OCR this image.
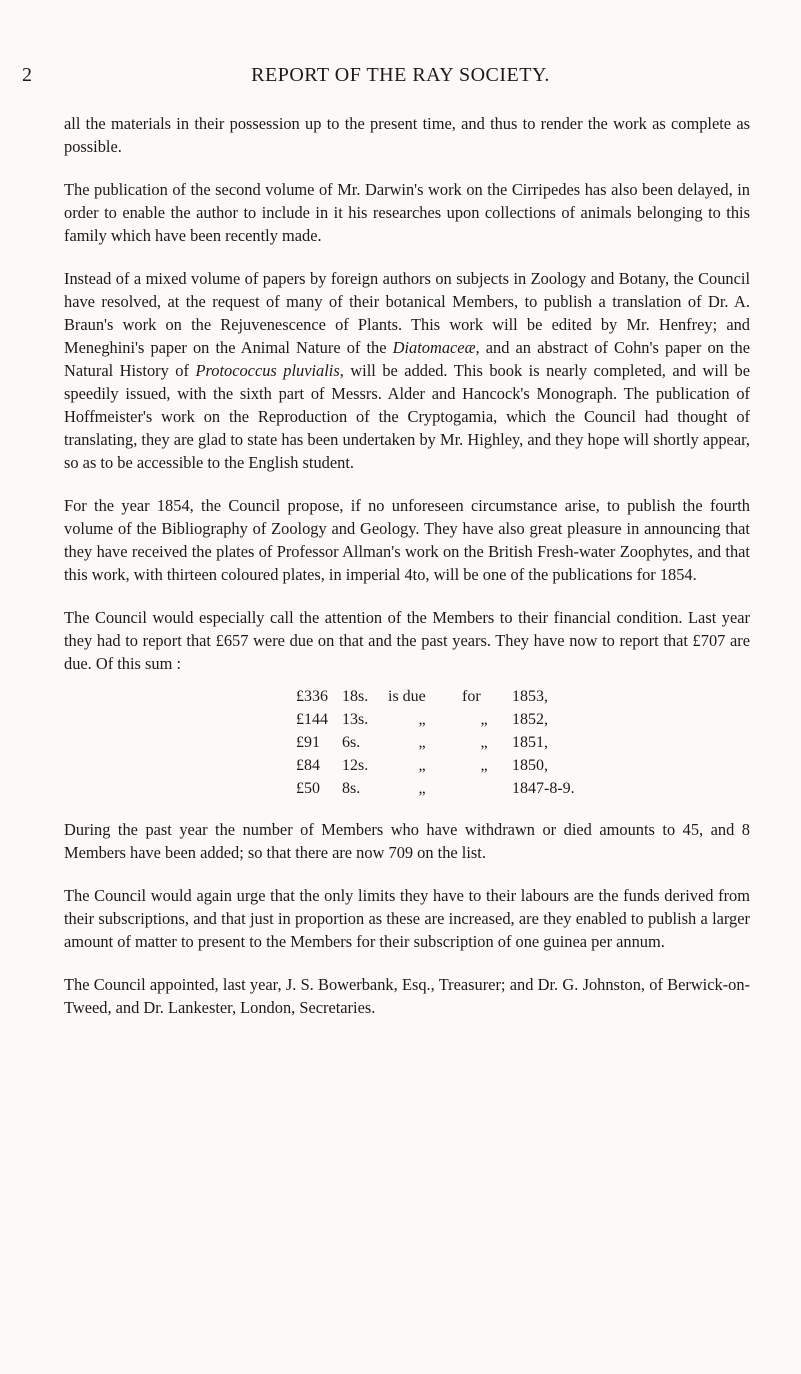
2	REPORT OF THE RAY SOCIETY.

all the materials in their possession up to the present time, and thus to render the work as complete as possible.

The publication of the second volume of Mr. Darwin's work on the Cirripedes has also been delayed, in order to enable the author to include in it his researches upon collections of animals belonging to this family which have been recently made.

Instead of a mixed volume of papers by foreign authors on subjects in Zoology and Botany, the Council have resolved, at the request of many of their botanical Members, to publish a translation of Dr. A. Braun's work on the Rejuvenescence of Plants. This work will be edited by Mr. Henfrey; and Meneghini's paper on the Animal Nature of the Diatomaceæ, and an abstract of Cohn's paper on the Natural History of Protococcus pluvialis, will be added. This book is nearly completed, and will be speedily issued, with the sixth part of Messrs. Alder and Hancock's Monograph. The publication of Hoffmeister's work on the Reproduction of the Cryptogamia, which the Council had thought of translating, they are glad to state has been undertaken by Mr. Highley, and they hope will shortly appear, so as to be accessible to the English student.

For the year 1854, the Council propose, if no unforeseen circumstance arise, to publish the fourth volume of the Bibliography of Zoology and Geology. They have also great pleasure in announcing that they have received the plates of Professor Allman's work on the British Fresh-water Zoophytes, and that this work, with thirteen coloured plates, in imperial 4to, will be one of the publications for 1854.

The Council would especially call the attention of the Members to their financial condition. Last year they had to report that £657 were due on that and the past years. They have now to report that £707 are due. Of this sum :

£336	18s.	is due	for	1853,
£144	13s.	„	„	1852,
£91	6s.	„	„	1851,
£84	12s.	„	„	1850,
£50	8s.	„		1847-8-9.

During the past year the number of Members who have withdrawn or died amounts to 45, and 8 Members have been added; so that there are now 709 on the list.

The Council would again urge that the only limits they have to their labours are the funds derived from their subscriptions, and that just in proportion as these are increased, are they enabled to publish a larger amount of matter to present to the Members for their subscription of one guinea per annum.

The Council appointed, last year, J. S. Bowerbank, Esq., Treasurer; and Dr. G. Johnston, of Berwick-on-Tweed, and Dr. Lankester, London, Secretaries.
